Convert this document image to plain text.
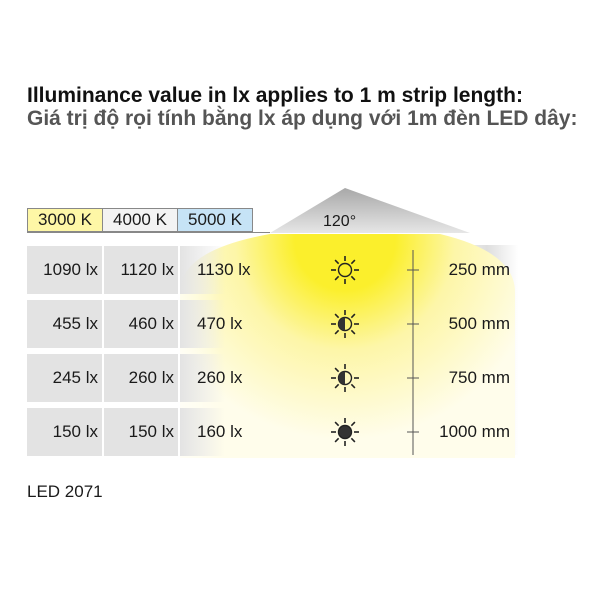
Illuminance value in lx applies to 1 m strip length:
Giá trị độ rọi tính bằng lx áp dụng với 1m đèn LED dây:
120°
3000 K	4000 K	5000 K
1090 lx	1120 lx	1130 lx	250 mm
455 lx	460 lx	470 lx	500 mm
245 lx	260 lx	260 lx	750 mm
150 lx	150 lx	160 lx	1000 mm
LED 2071
